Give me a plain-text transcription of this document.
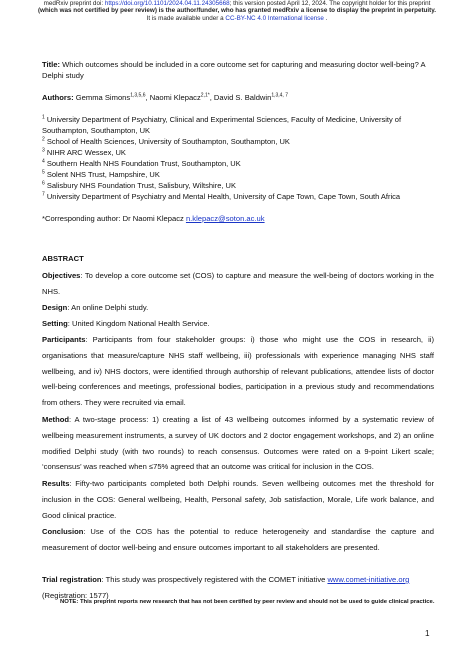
medRxiv preprint doi: https://doi.org/10.1101/2024.04.11.24305668; this version posted April 12, 2024. The copyright holder for this preprint
(which was not certified by peer review) is the author/funder, who has granted medRxiv a license to display the preprint in perpetuity.
It is made available under a CC-BY-NC 4.0 International license .

Title: Which outcomes should be included in a core outcome set for capturing and measuring doctor well-being? A Delphi study

Authors: Gemma Simons$^{1,3,5,6}$, Naomi Klepacz$^{2,1*}$, David S. Baldwin$^{1,3,4, 7}$

$^1$ University Department of Psychiatry, Clinical and Experimental Sciences, Faculty of Medicine, University of Southampton, Southampton, UK

$^2$ School of Health Sciences, University of Southampton, Southampton, UK

$^3$ NIHR ARC Wessex, UK

$^4$ Southern Health NHS Foundation Trust, Southampton, UK

$^5$ Solent NHS Trust, Hampshire, UK

$^6$ Salisbury NHS Foundation Trust, Salisbury, Wiltshire, UK

$^7$ University Department of Psychiatry and Mental Health, University of Cape Town, Cape Town, South Africa

*Corresponding author: Dr Naomi Klepacz n.klepacz@soton.ac.uk

ABSTRACT
Objectives: To develop a core outcome set (COS) to capture and measure the well-being of doctors working in the NHS.
Design: An online Delphi study.
Setting: United Kingdom National Health Service.
Participants: Participants from four stakeholder groups: i) those who might use the COS in research, ii) organisations that measure/capture NHS staff wellbeing, iii) professionals with experience managing NHS staff wellbeing, and iv) NHS doctors, were identified through authorship of relevant publications, attendee lists of doctor well-being conferences and meetings, professional bodies, participation in a previous study and recommendations from others. They were recruited via email.
Method: A two-stage process: 1) creating a list of 43 wellbeing outcomes informed by a systematic review of wellbeing measurement instruments, a survey of UK doctors and 2 doctor engagement workshops, and 2) an online modified Delphi study (with two rounds) to reach consensus. Outcomes were rated on a 9-point Likert scale; ‘consensus’ was reached when ≤75% agreed that an outcome was critical for inclusion in the COS.
Results: Fifty-two participants completed both Delphi rounds. Seven wellbeing outcomes met the threshold for inclusion in the COS: General wellbeing, Health, Personal safety, Job satisfaction, Morale, Life work balance, and Good clinical practice.
Conclusion: Use of the COS has the potential to reduce heterogeneity and standardise the capture and measurement of doctor well-being and ensure outcomes important to all stakeholders are presented.
Trial registration: This study was prospectively registered with the COMET initiative www.comet-initiative.org
(Registration: 1577)
NOTE: This preprint reports new research that has not been certified by peer review and should not be used to guide clinical practice.
1
